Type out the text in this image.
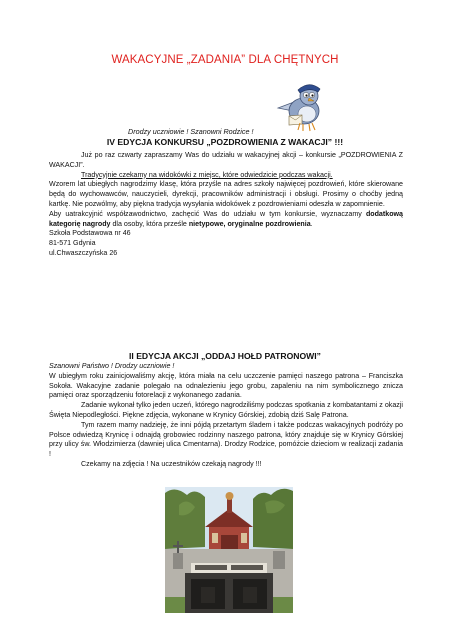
WAKACYJNE „ZADANIA” DLA CHĘTNYCH
Drodzy uczniowie ! Szanowni Rodzice !
IV EDYCJA KONKURSU „POZDROWIENIA Z WAKACJI” !!!

Już po raz czwarty zapraszamy Was do udziału w wakacyjnej akcji – konkursie „POZDROWIENIA Z WAKACJI”.

Tradycyjnie czekamy na widokówki z miejsc, które odwiedzicie podczas wakacji.

Wzorem lat ubiegłych nagrodzimy klasę, która przyśle na adres szkoły najwięcej pozdrowień, które skierowane będą do wychowawców, nauczycieli, dyrekcji, pracowników administracji i obsługi. Prosimy o choćby jedną kartkę. Nie pozwólmy, aby piękna tradycja wysyłania widokówek z pozdrowieniami odeszła w zapomnienie.

Aby uatrakcyjnić współzawodnictwo, zachęcić Was do udziału w tym konkursie, wyznaczamy dodatkową kategorię nagrody dla osoby, która prześle nietypowe, oryginalne pozdrowienia.

Szkoła Podstawowa nr 46

81-571 Gdynia

ul.Chwaszczyńska 26

II EDYCJA AKCJI „ODDAJ HOŁD PATRONOWI”

Szanowni Państwo ! Drodzy uczniowie !

W ubiegłym roku zainicjowaliśmy akcję, która miała na celu uczczenie pamięci naszego patrona – Franciszka Sokoła. Wakacyjne zadanie polegało na odnalezieniu jego grobu, zapaleniu na nim symbolicznego znicza pamięci oraz sporządzeniu fotorelacji z wykonanego zadania.

Zadanie wykonał tylko jeden uczeń, którego nagrodziliśmy podczas spotkania z kombatantami z okazji Święta Niepodległości. Piękne zdjęcia, wykonane w Krynicy Górskiej, zdobią dziś Salę Patrona.

Tym razem mamy nadzieję, że inni pójdą przetartym śladem i także podczas wakacyjnych podróży po Polsce odwiedzą Krynicę i odnajdą grobowiec rodzinny naszego patrona, który znajduje się w Krynicy Górskiej przy ulicy św. Włodzimierza (dawniej ulica Cmentarna). Drodzy Rodzice, pomóżcie dzieciom w realizacji zadania !

Czekamy na zdjęcia ! Na uczestników czekają nagrody !!!
